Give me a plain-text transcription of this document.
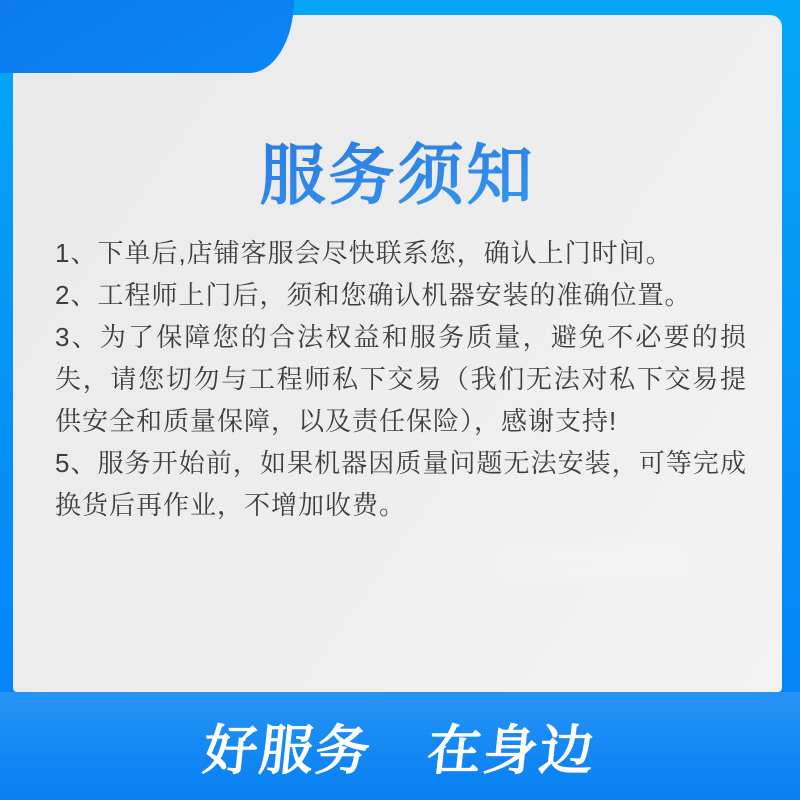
服务须知

1、下单后,店铺客服会尽快联系您，确认上门时间。

2、工程师上门后，须和您确认机器安装的准确位置。

3、为了保障您的合法权益和服务质量，避免不必要的损失，请您切勿与工程师私下交易（我们无法对私下交易提供安全和质量保障，以及责任保险），感谢支持!

5、服务开始前，如果机器因质量问题无法安装，可等完成换货后再作业，不增加收费。

好服务　在身边
